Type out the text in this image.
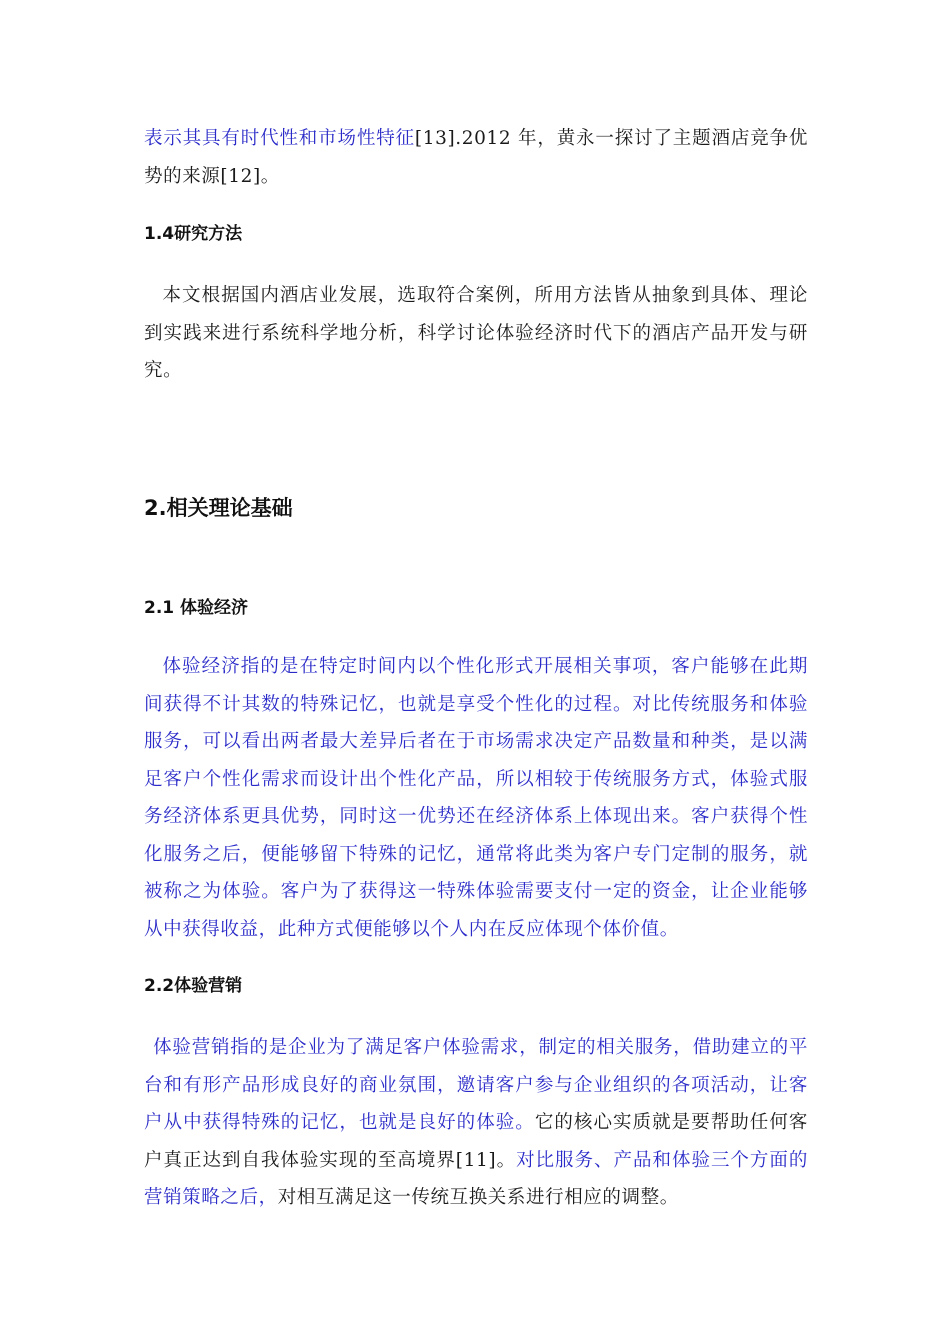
表示其具有时代性和市场性特征[13].2012 年，黄永一探讨了主题酒店竞争优势的来源[12]。

1.4研究方法

本文根据国内酒店业发展，选取符合案例，所用方法皆从抽象到具体、理论到实践来进行系统科学地分析，科学讨论体验经济时代下的酒店产品开发与研究。

2.相关理论基础
2.1 体验经济

体验经济指的是在特定时间内以个性化形式开展相关事项，客户能够在此期间获得不计其数的特殊记忆，也就是享受个性化的过程。对比传统服务和体验服务，可以看出两者最大差异后者在于市场需求决定产品数量和种类，是以满足客户个性化需求而设计出个性化产品，所以相较于传统服务方式，体验式服务经济体系更具优势，同时这一优势还在经济体系上体现出来。客户获得个性化服务之后，便能够留下特殊的记忆，通常将此类为客户专门定制的服务，就被称之为体验。客户为了获得这一特殊体验需要支付一定的资金，让企业能够从中获得收益，此种方式便能够以个人内在反应体现个体价值。

2.2体验营销

体验营销指的是企业为了满足客户体验需求，制定的相关服务，借助建立的平台和有形产品形成良好的商业氛围，邀请客户参与企业组织的各项活动，让客户从中获得特殊的记忆，也就是良好的体验。它的核心实质就是要帮助任何客户真正达到自我体验实现的至高境界[11]。对比服务、产品和体验三个方面的营销策略之后，对相互满足这一传统互换关系进行相应的调整。
